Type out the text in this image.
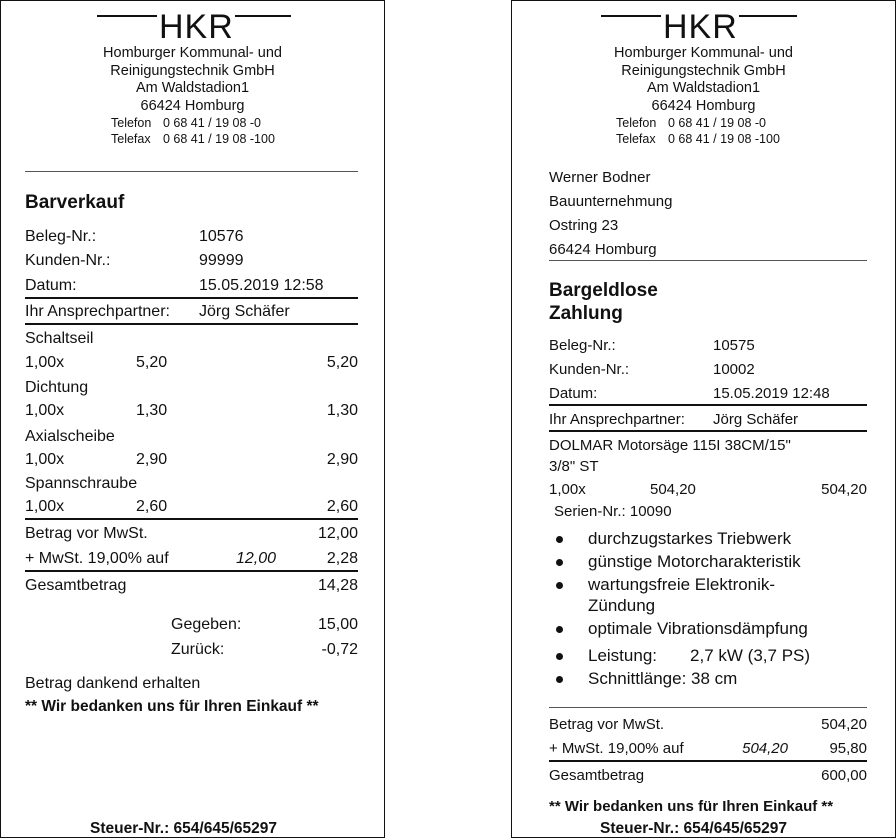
HKR
Homburger Kommunal- und
Reinigungstechnik GmbH
Am Waldstadion1
66424 Homburg
Telefon 0 68 41 / 19 08 -0
Telefax 0 68 41 / 19 08 -100
Barverkauf
Beleg-Nr.:	10576
Kunden-Nr.:	99999
Datum:	15.05.2019 12:58
Ihr Ansprechpartner: Jörg Schäfer
Schaltseil
1,00x	5,20	5,20
Dichtung
1,00x	1,30	1,30
Axialscheibe
1,00x	2,90	2,90
Spannschraube
1,00x	2,60	2,60
Betrag vor MwSt.	12,00
+ MwSt. 19,00% auf	12,00	2,28
Gesamtbetrag	14,28
Gegeben:	15,00
Zurück:	-0,72
Betrag dankend erhalten
** Wir bedanken uns für Ihren Einkauf **
Steuer-Nr.: 654/645/65297
HKR
Homburger Kommunal- und
Reinigungstechnik GmbH
Am Waldstadion1
66424 Homburg
Telefon 0 68 41 / 19 08 -0
Telefax 0 68 41 / 19 08 -100
Werner Bodner
Bauunternehmung
Ostring 23
66424 Homburg
Bargeldlose
Zahlung
Beleg-Nr.:	10575
Kunden-Nr.:	10002
Datum:	15.05.2019 12:48
Ihr Ansprechpartner: Jörg Schäfer
DOLMAR Motorsäge 115I 38CM/15"
3/8" ST
1,00x	504,20	504,20
Serien-Nr.: 10090
durchzugstarkes Triebwerk
günstige Motorcharakteristik
wartungsfreie Elektronik-
Zündung
optimale Vibrationsdämpfung
Leistung:       2,7 kW (3,7 PS)
Schnittlänge: 38 cm
Betrag vor MwSt.	504,20
+ MwSt. 19,00% auf	504,20	95,80
Gesamtbetrag	600,00
** Wir bedanken uns für Ihren Einkauf **
Steuer-Nr.: 654/645/65297
